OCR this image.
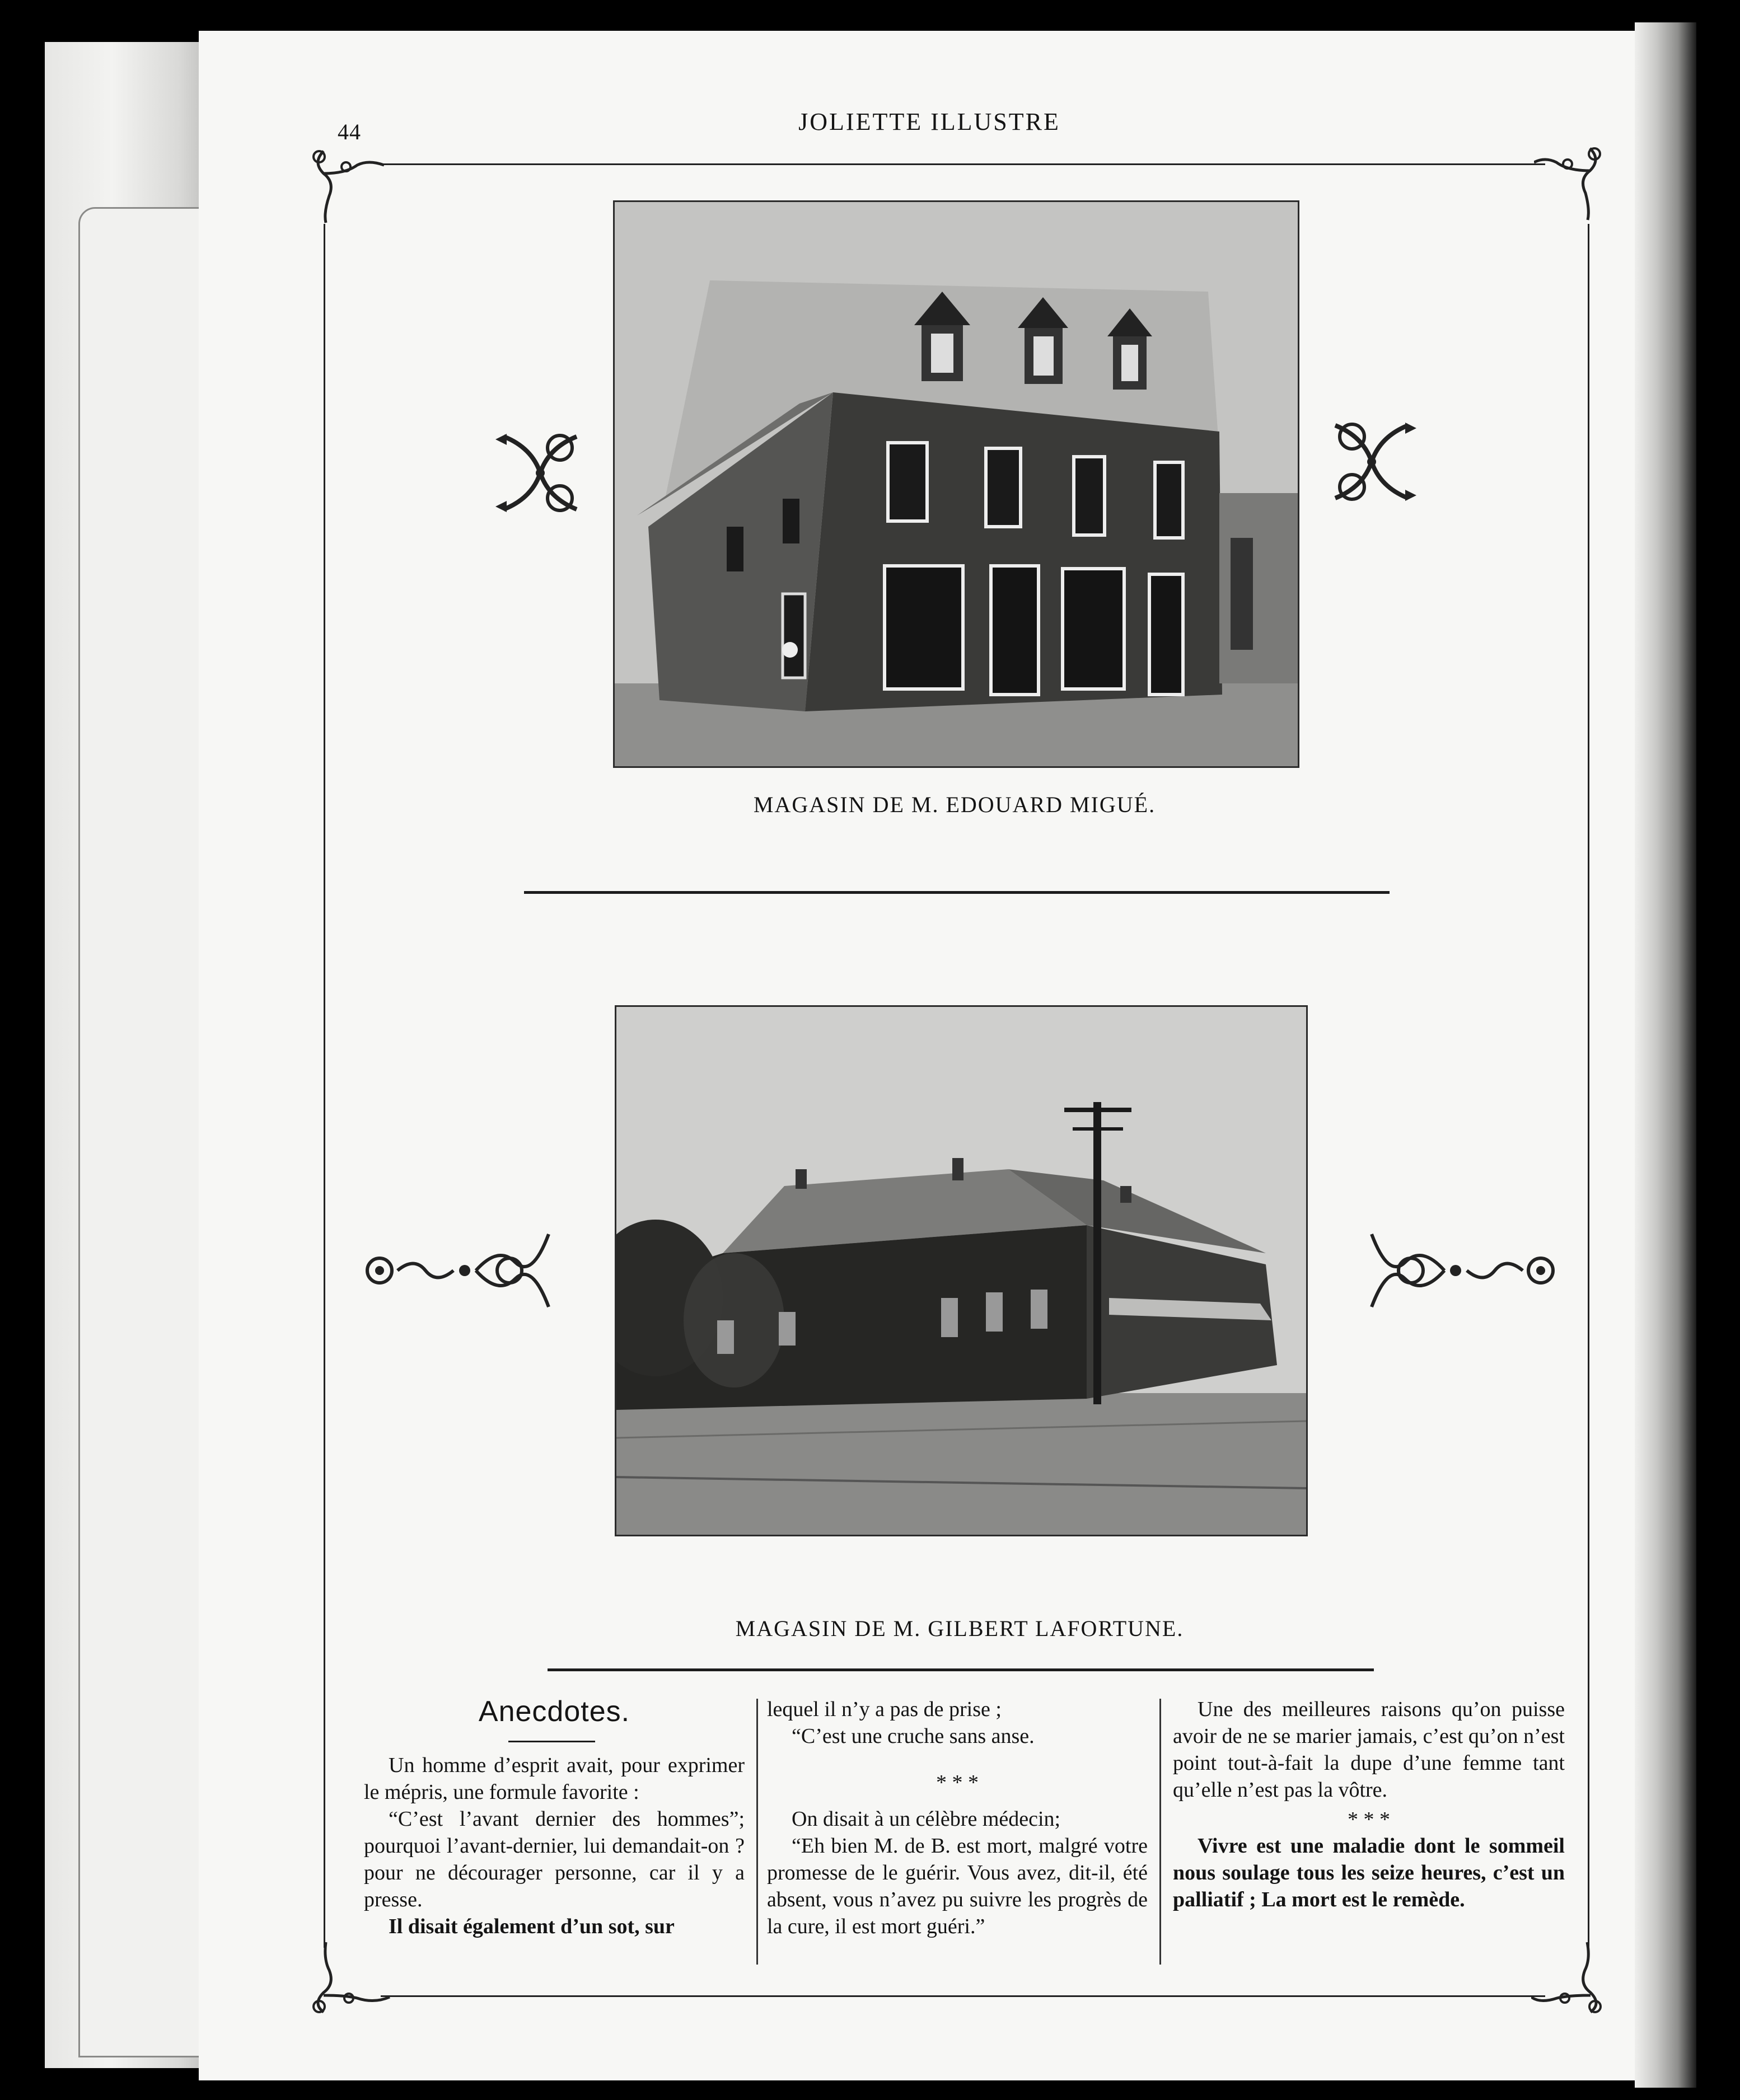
44	JOLIETTE ILLUSTRE
MAGASIN DE M. EDOUARD MIGUÉ.
MAGASIN DE M. GILBERT LAFORTUNE.
Anecdotes.

Un homme d’esprit avait, pour exprimer le mépris, une formule favorite :

“C’est l’avant dernier des hommes”; pourquoi l’avant-dernier, lui demandait-on ? pour ne décourager personne, car il y a presse.

Il disait également d’un sot, sur

lequel il n’y a pas de prise ;

“C’est une cruche sans anse.

* * *

On disait à un célèbre médecin;

“Eh bien M. de B. est mort, malgré votre promesse de le guérir. Vous avez, dit-il, été absent, vous n’avez pu suivre les progrès de la cure, il est mort guéri.”

Une des meilleures raisons qu’on puisse avoir de ne se marier jamais, c’est qu’on n’est point tout-à-fait la dupe d’une femme tant qu’elle n’est pas la vôtre.

* * *

Vivre est une maladie dont le sommeil nous soulage tous les seize heures, c’est un palliatif ; La mort est le remède.
